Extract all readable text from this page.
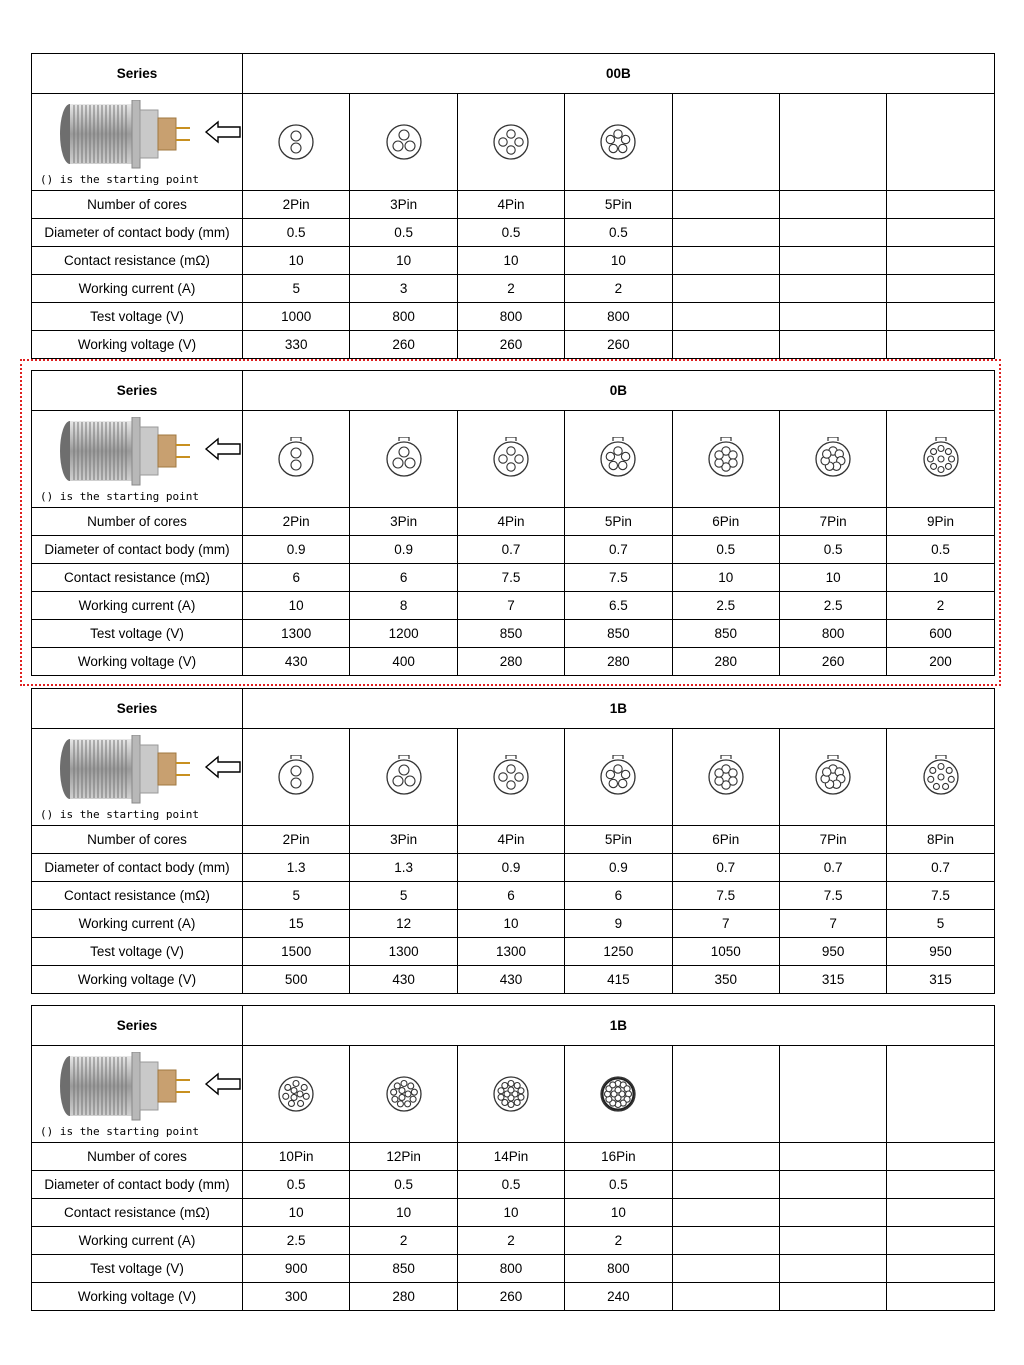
Series	00B						

() is the starting point

Number of cores	2Pin	3Pin	4Pin	5Pin			
Diameter of contact body (mm)	0.5	0.5	0.5	0.5			
Contact resistance (mΩ)	10	10	10	10			
Working current (A)	5	3	2	2			
Test voltage (V)	1000	800	800	800			
Working voltage (V)	330	260	260	260			
Series	0B						

() is the starting point

Number of cores	2Pin	3Pin	4Pin	5Pin	6Pin	7Pin	9Pin
Diameter of contact body (mm)	0.9	0.9	0.7	0.7	0.5	0.5	0.5
Contact resistance (mΩ)	6	6	7.5	7.5	10	10	10
Working current (A)	10	8	7	6.5	2.5	2.5	2
Test voltage (V)	1300	1200	850	850	850	800	600
Working voltage (V)	430	400	280	280	280	260	200
Series	1B						

() is the starting point

Number of cores	2Pin	3Pin	4Pin	5Pin	6Pin	7Pin	8Pin
Diameter of contact body (mm)	1.3	1.3	0.9	0.9	0.7	0.7	0.7
Contact resistance (mΩ)	5	5	6	6	7.5	7.5	7.5
Working current (A)	15	12	10	9	7	7	5
Test voltage (V)	1500	1300	1300	1250	1050	950	950
Working voltage (V)	500	430	430	415	350	315	315
Series	1B						

() is the starting point

Number of cores	10Pin	12Pin	14Pin	16Pin			
Diameter of contact body (mm)	0.5	0.5	0.5	0.5			
Contact resistance (mΩ)	10	10	10	10			
Working current (A)	2.5	2	2	2			
Test voltage (V)	900	850	800	800			
Working voltage (V)	300	280	260	240			
